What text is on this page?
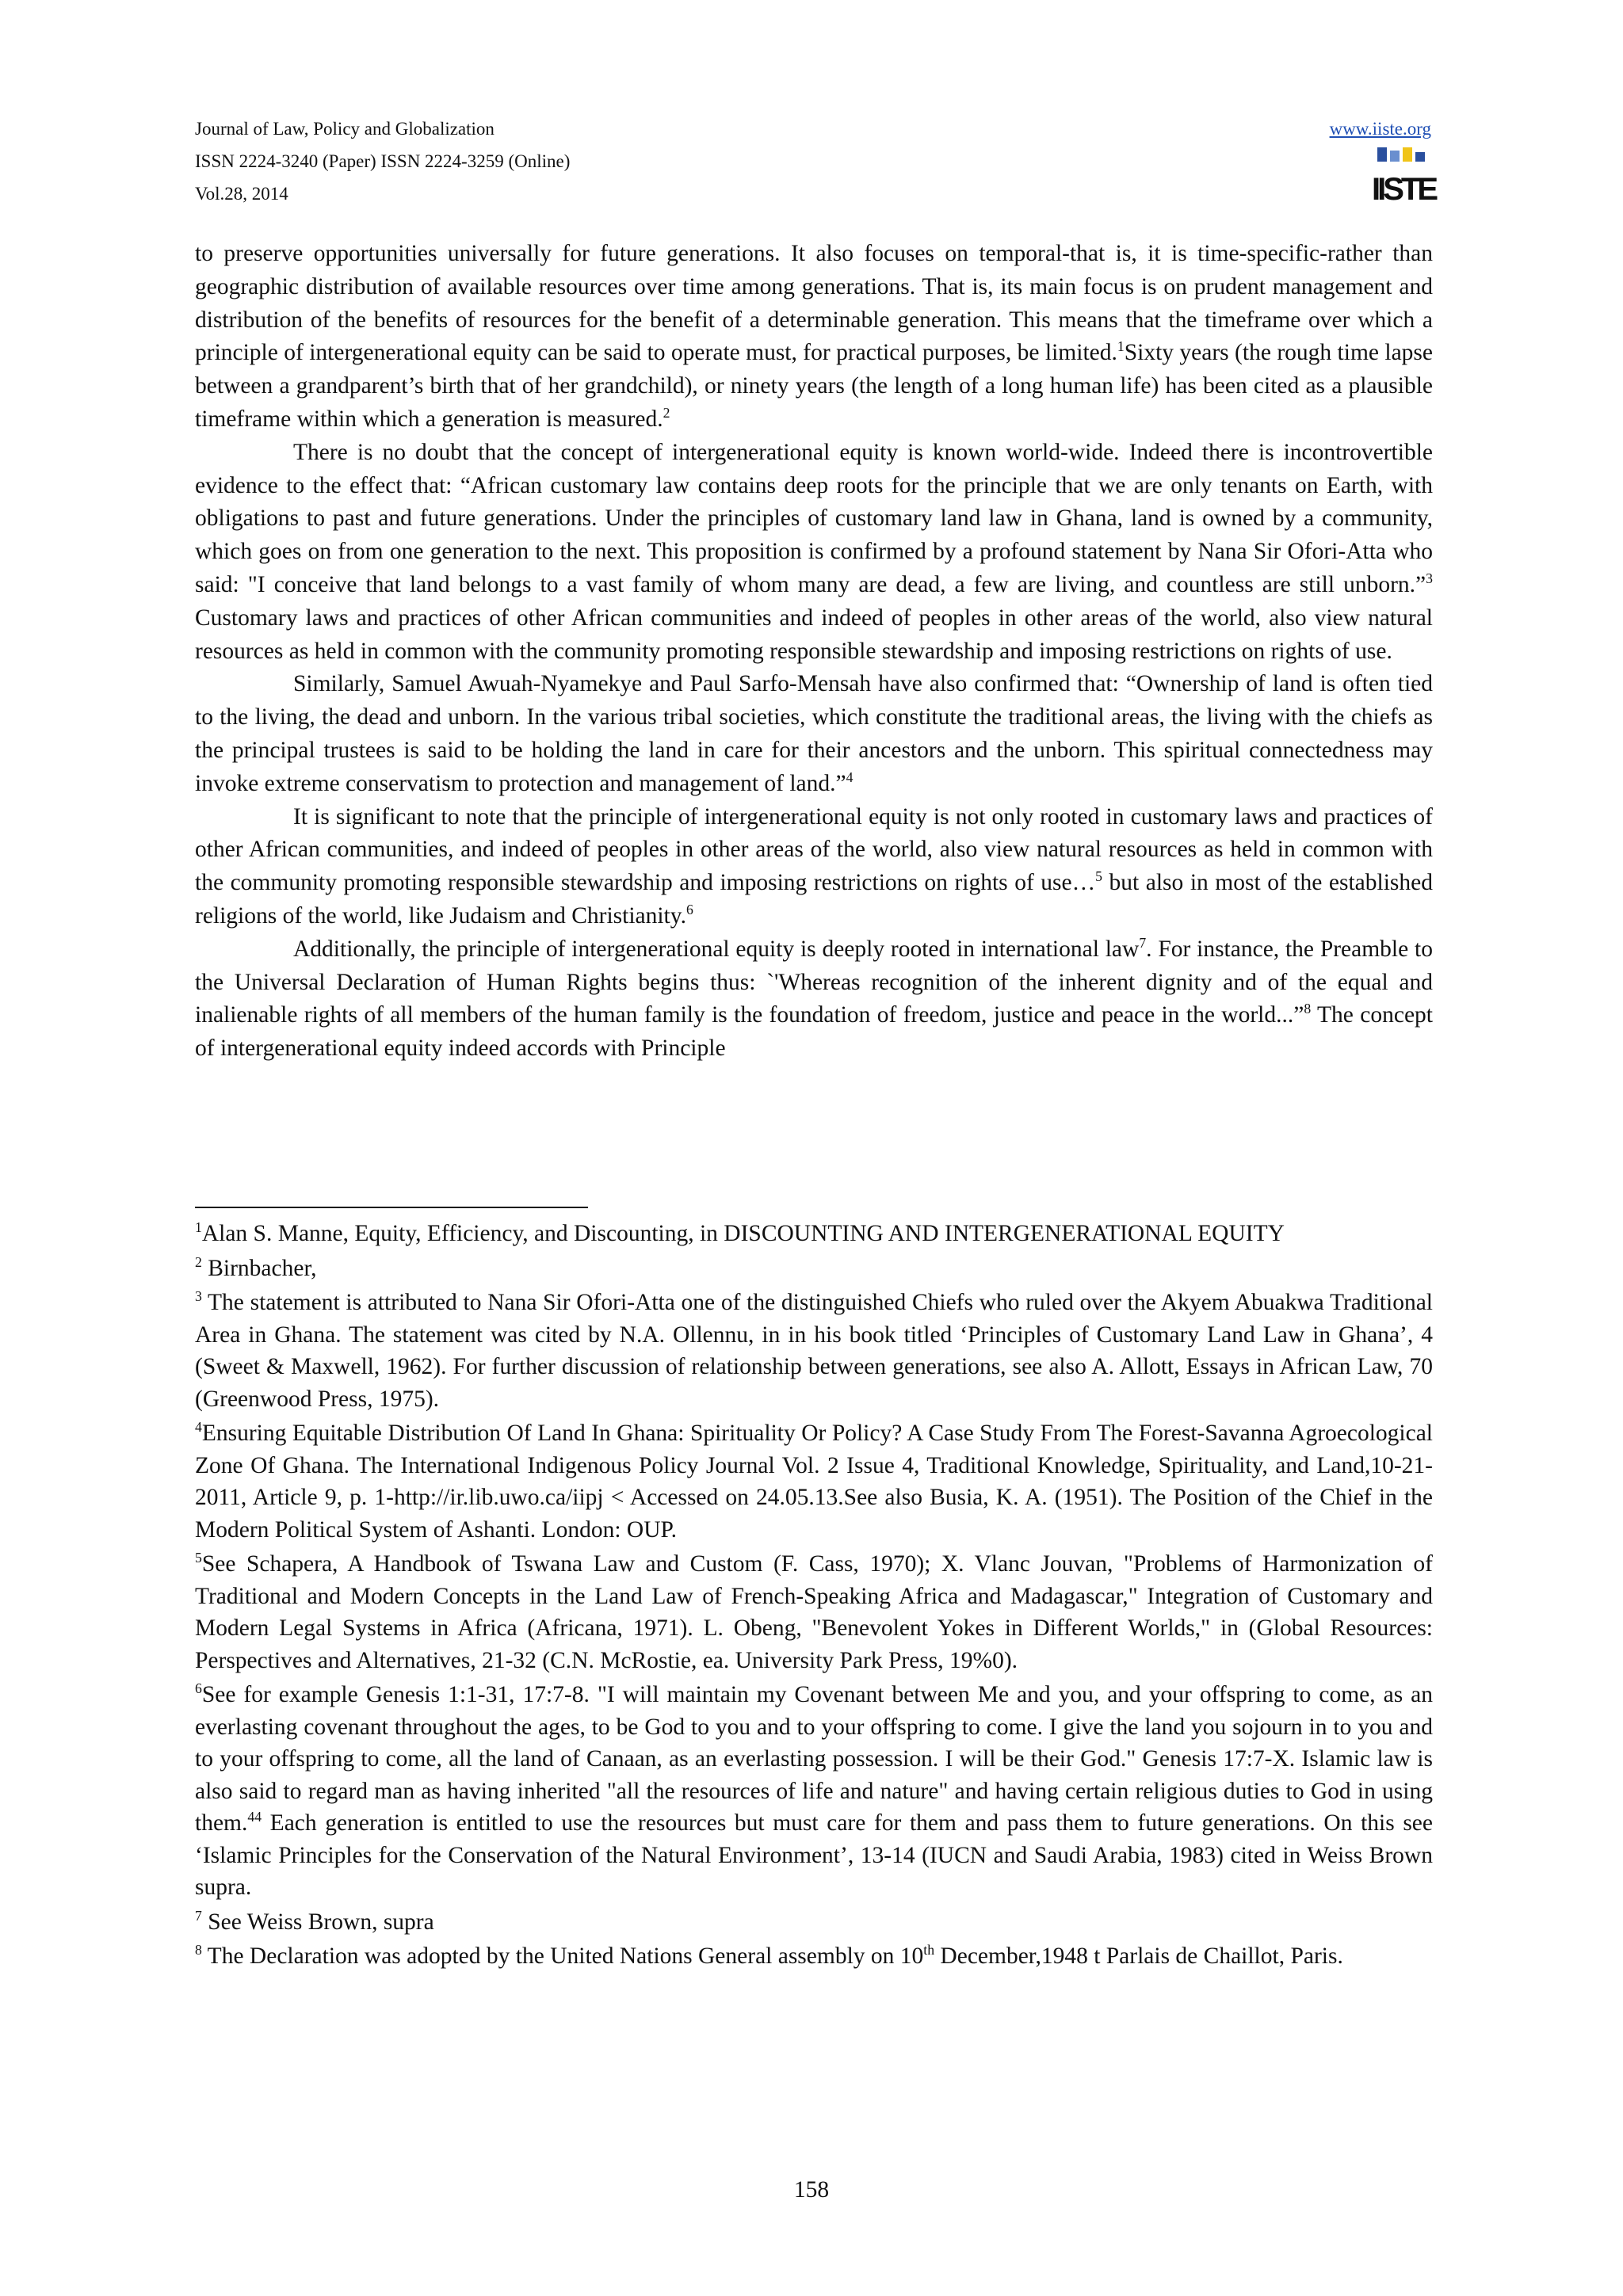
Journal of Law, Policy and Globalization
ISSN 2224-3240 (Paper) ISSN 2224-3259 (Online)
Vol.28, 2014
www.iiste.org
IISTE

to preserve opportunities universally for future generations. It also focuses on temporal-that is, it is time-specific-rather than geographic distribution of available resources over time among generations. That is, its main focus is on prudent management and distribution of the benefits of resources for the benefit of a determinable generation. This means that the timeframe over which a principle of intergenerational equity can be said to operate must, for practical purposes, be limited.$^1$Sixty years (the rough time lapse between a grandparent’s birth that of her grandchild), or ninety years (the length of a long human life) has been cited as a plausible timeframe within which a generation is measured.$^2$

There is no doubt that the concept of intergenerational equity is known world-wide. Indeed there is incontrovertible evidence to the effect that: “African customary law contains deep roots for the principle that we are only tenants on Earth, with obligations to past and future generations. Under the principles of customary land law in Ghana, land is owned by a community, which goes on from one generation to the next. This proposition is confirmed by a profound statement by Nana Sir Ofori-Atta who said: "I conceive that land belongs to a vast family of whom many are dead, a few are living, and countless are still unborn.”$^3$ Customary laws and practices of other African communities and indeed of peoples in other areas of the world, also view natural resources as held in common with the community promoting responsible stewardship and imposing restrictions on rights of use.

Similarly, Samuel Awuah-Nyamekye and Paul Sarfo-Mensah have also confirmed that: “Ownership of land is often tied to the living, the dead and unborn. In the various tribal societies, which constitute the traditional areas, the living with the chiefs as the principal trustees is said to be holding the land in care for their ancestors and the unborn. This spiritual connectedness may invoke extreme conservatism to protection and management of land.”$^4$

It is significant to note that the principle of intergenerational equity is not only rooted in customary laws and practices of other African communities, and indeed of peoples in other areas of the world, also view natural resources as held in common with the community promoting responsible stewardship and imposing restrictions on rights of use…$^5$ but also in most of the established religions of the world, like Judaism and Christianity.$^6$

Additionally, the principle of intergenerational equity is deeply rooted in international law$^7$. For instance, the Preamble to the Universal Declaration of Human Rights begins thus: `'Whereas recognition of the inherent dignity and of the equal and inalienable rights of all members of the human family is the foundation of freedom, justice and peace in the world...”$^8$ The concept of intergenerational equity indeed accords with Principle

$^1$Alan S. Manne, Equity, Efficiency, and Discounting, in DISCOUNTING AND INTERGENERATIONAL EQUITY
$^2$ Birnbacher,
$^3$ The statement is attributed to Nana Sir Ofori-Atta one of the distinguished Chiefs who ruled over the Akyem Abuakwa Traditional Area in Ghana. The statement was cited by N.A. Ollennu, in in his book titled ‘Principles of Customary Land Law in Ghana’, 4 (Sweet & Maxwell, 1962). For further discussion of relationship between generations, see also A. Allott, Essays in African Law, 70 (Greenwood Press, 1975).
$^4$Ensuring Equitable Distribution Of Land In Ghana: Spirituality Or Policy? A Case Study From The Forest-Savanna Agroecological Zone Of Ghana. The International Indigenous Policy Journal Vol. 2 Issue 4, Traditional Knowledge, Spirituality, and Land,10-21-2011, Article 9, p. 1-http://ir.lib.uwo.ca/iipj < Accessed on 24.05.13.See also Busia, K. A. (1951). The Position of the Chief in the Modern Political System of Ashanti. London: OUP.
$^5$See Schapera, A Handbook of Tswana Law and Custom (F. Cass, 1970); X. Vlanc Jouvan, "Problems of Harmonization of Traditional and Modern Concepts in the Land Law of French-Speaking Africa and Madagascar," Integration of Customary and Modern Legal Systems in Africa (Africana, 1971). L. Obeng, "Benevolent Yokes in Different Worlds," in (Global Resources: Perspectives and Alternatives, 21-32 (C.N. McRostie, ea. University Park Press, 19%0).
$^6$See for example Genesis 1:1-31, 17:7-8. "I will maintain my Covenant between Me and you, and your offspring to come, as an everlasting covenant throughout the ages, to be God to you and to your offspring to come. I give the land you sojourn in to you and to your offspring to come, all the land of Canaan, as an everlasting possession. I will be their God." Genesis 17:7-X. Islamic law is also said to regard man as having inherited "all the resources of life and nature" and having certain religious duties to God in using them.$^{44}$ Each generation is entitled to use the resources but must care for them and pass them to future generations. On this see ‘Islamic Principles for the Conservation of the Natural Environment’, 13-14 (IUCN and Saudi Arabia, 1983) cited in Weiss Brown supra.
$^7$ See Weiss Brown, supra
$^8$ The Declaration was adopted by the United Nations General assembly on 10th December,1948 t Parlais de Chaillot, Paris.
158
